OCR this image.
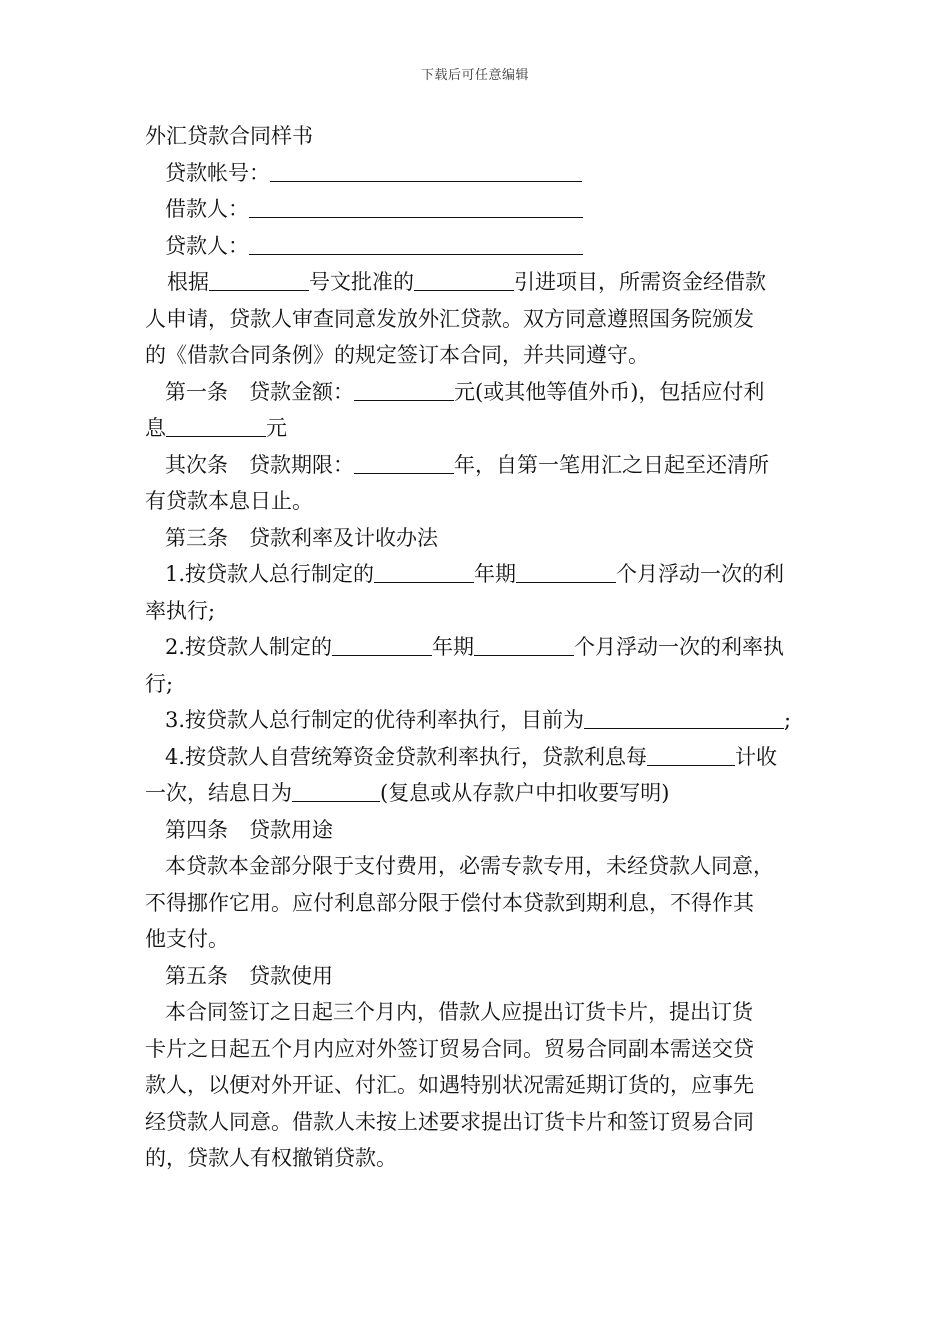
下载后可任意编辑
外汇贷款合同样书
贷款帐号：
借款人：
贷款人：
根据	号文批准的	引进项目，所需资金经借款
人申请，贷款人审查同意发放外汇贷款。双方同意遵照国务院颁发
的《借款合同条例》的规定签订本合同，并共同遵守。
第一条　贷款金额：	元(或其他等值外币)，包括应付利
息	元
其次条　贷款期限：	年，自第一笔用汇之日起至还清所
有贷款本息日止。
第三条　贷款利率及计收办法
1.按贷款人总行制定的	年期	个月浮动一次的利
率执行;
2.按贷款人制定的	年期	个月浮动一次的利率执
行;
3.按贷款人总行制定的优待利率执行，目前为	;
4.按贷款人自营统筹资金贷款利率执行，贷款利息每	计收
一次，结息日为	(复息或从存款户中扣收要写明)
第四条　贷款用途
本贷款本金部分限于支付费用，必需专款专用，未经贷款人同意，
不得挪作它用。应付利息部分限于偿付本贷款到期利息，不得作其
他支付。
第五条　贷款使用
本合同签订之日起三个月内，借款人应提出订货卡片，提出订货
卡片之日起五个月内应对外签订贸易合同。贸易合同副本需送交贷
款人，以便对外开证、付汇。如遇特别状况需延期订货的，应事先
经贷款人同意。借款人未按上述要求提出订货卡片和签订贸易合同
的，贷款人有权撤销贷款。
